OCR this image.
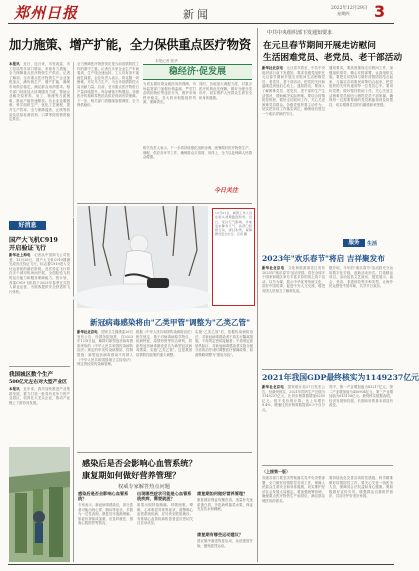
郑州日报	新闻	2022年12月29日
星期四 3
加力施策、增产扩能，全力保供重点医疗物资
本报记者 张华
本报讯　近日，连日来，市发改委、市工信局等多部门联动，采取有力措施，全力保障重点医疗物资生产供应。记者了解到，全市重点医疗物资生产企业加班加点，满负荷生产，增产扩能，确保市场供应稳定，满足群众用药需求。相关部门持续加大协调服务力度，帮助企业解决原材料、用工、物流等方面困难，推动产能快速释放。各企业克服困难，科学组织生产，优化工艺流程，提升生产效率，全力保障退热、止咳等药品及抗原检测试剂、口罩等防疫物资稳定供应。
全力保障医疗物资供应是当前疫情防控工作的重中之重。记者在多家企业生产车间看到，生产线全速运转，工人们有条不紊地忙碌着。企业负责人表示，将克服一切困难，开足马力生产，为全市疫情防控大局贡献力量。目前，全市重点医疗物资日产量持续提升，库存储备不断增加，各级医疗机构和零售药店供应得到有效保障。下一步，相关部门将继续加强调度，全力保供稳价。
稳经济·促发展
为切实做好群众就医用药保障，市场监管部门加强价格监测，严厉打击哄抬物价等违法行为，维护市场秩序稳定。各大药房积极组织货源，保障供应。
同时，各地加大调配力度，对重点医疗机构优先保障，做好分级分类诊疗，切实维护人民群众生命安全和身体健康。
相关负责人表示，下一步将持续强化组织协调，统筹做好医疗物资生产、调配、供应各环节工作，确保群众买得到、用得上，全力以赴保障人民群众健康。
今日关注
中共中央组织部下发通知要求
在元旦春节期间开展走访慰问
生活困难党员、老党员、老干部活动
新华社北京电　元旦春节将至，中共中央组织部日前下发通知，要求各级党组织在元旦春节期间开展走访慰问生活困难党员、老党员、老干部活动，把党的关怀和温暖送到他们心坎上。通知指出，要深入了解困难党员、老党员、老干部的生产生活情况，帮助解决实际困难。要结合疫情防控形势，做好走访慰问工作，关心关爱困难党员群众。各级党组织要主动作为，切实把各项工作落实到位，确保他们度过一个欢乐祥和的节日。
通知要求，要高度重视走访慰问工作，加强组织领导，精心安排部署，认真组织实施。要把走访慰问与做好疫情防控结合起来，与落实各项惠民政策结合起来，把党组织的关怀传递到每一位党员心中。要用好党费，做好帮扶救助工作，关心关爱生活困难党员和因公牺牲党员干部家属，确保每一位需要帮助的党员都能得到及时帮扶，切实增强党员的归属感和荣誉感。
服务	生活
2023年"欢乐春节"将启 吉祥聚发布
新华社北京电　文化和旅游部近日发布2023年"欢乐春节"活动安排，将在全球多个国家和地区举办丰富多彩的线上线下活动，以节为媒，展示中华优秀传统文化，讲好中国故事，促进中外人文交流，增进各国人民相互了解和友谊。
据介绍，今年的"欢乐春节"活动将充分运用数字化手段，创新活动形式，打造精品项目。活动包括文艺演出、展览展示、庙会、美食、非遗体验等多种类型，让海外民众感受中国年味，共享节日欢乐。
2021年我国GDP最终核实为1149237亿元
新华社北京电　国家统计局27日发布公告，经最终核实，2021年国内生产总值为1149237亿元，比初步核算数增加6250亿元。按不变价格计算，比上年增长8.4%，增速比初步核算数提高0.3个百分点。
其中，第一产业增加值为83217亿元，第二产业增加值为450904亿元，第三产业增加值为615116亿元。最终核实数据表明，经济发展韧性强，长期向好的基本面没有改变。
（上接第一版）
各级各部门要坚决贯彻落实党中央决策部署，全力做好疫情防控各项工作，保障人民群众生命安全和身体健康，切实维护经济社会发展大局稳定。要加强统筹协调，确保重点医疗物资生产和供应，满足群众就医用药需求。
要持续优化完善各项防控措施，科学精准做好疫情防控工作。要关心关爱一线医务人员，保障其合法权益和身心健康。要积极做好宣传引导，增强群众自我防护意识，共同守护好美好家园。
好消息
国产大飞机C919
开启验证飞行
新华社上海电　记者从中国商飞公司获悉，12月26日，国产大飞机C919圆满完成首次验证飞行，标志着C919进入交付运营前的最后阶段。此次验证飞行将在多个城市机场间开展，全面检验飞机的运行能力和服务保障能力。按计划，首架C919飞机将于2023年春季正式投入商业运营，为旅客提供安全舒适的飞行体验。
我国城区数个生产
500亿元左右对大型产业区
本报讯　近年来，我市加快推进产业集群发展，着力打造一批具有竞争力的产业园区，培育壮大龙头企业，推动产业链上下游协同发展。
12月27日，城管工作人员在街头清理路面积雪。近日，受冷空气影响，多地迎来降雪天气，各部门积极行动，清扫积雪，保障群众安全出行。记者 摄
新冠病毒感染将由"乙类甲管"调整为"乙类乙管"
新华社北京电　国家卫生健康委26日发布公告，经国务院批准，自2023年1月8日起，解除对新型冠状病毒感染采取的《中华人民共和国传染病防治法》规定的甲类传染病预防、控制措施；新型冠状病毒感染不再纳入《中华人民共和国国境卫生检疫法》规定的检疫传染病管理。
根据《中华人民共和国传染病防治法》相关规定，基于对病毒病原学特点、疾病特征、疫情形势等综合研判，将新型冠状病毒肺炎更名为新型冠状病毒感染，实施"乙类乙管"。这是我国疫情防控政策的重大调整。
实施"乙类乙管"后，依据传染病防治法，对新冠病毒感染者不再实行隔离措施，不再判定密切接触者；不再划定高低风险区；对新冠病毒感染者实施分级分类收治并适时调整医疗保障政策；检测策略调整为"愿检尽检"。
感染后是否会影响心血管系统？
康复期如何做好营养管理？
权威专家解答热点问题
感染后是否会影响心血管系统？
专家表示，新冠病毒感染后，部分患者可能出现心悸、胸闷等症状，多数为一过性表现，康复后可逐渐缓解。如症状持续或加重，应及时就医，排查心肌损伤等情况。
出现哪些症状可能是心血管系统疾病，需要就医？
如果出现持续胸痛、呼吸困难、晕厥、心率明显异常等症状，需警惕心血管系统疾病，应尽快到医院就诊。有基础心血管疾病的患者更应密切关注自身状况。
康复期如何做好营养管理？
康复期应保证均衡饮食，适量补充优质蛋白质，多吃新鲜蔬菜水果，保证充足饮水和睡眠。
康复期有哪些运动建议？
建议循序渐进恢复运动，从低强度开始，避免剧烈运动。
